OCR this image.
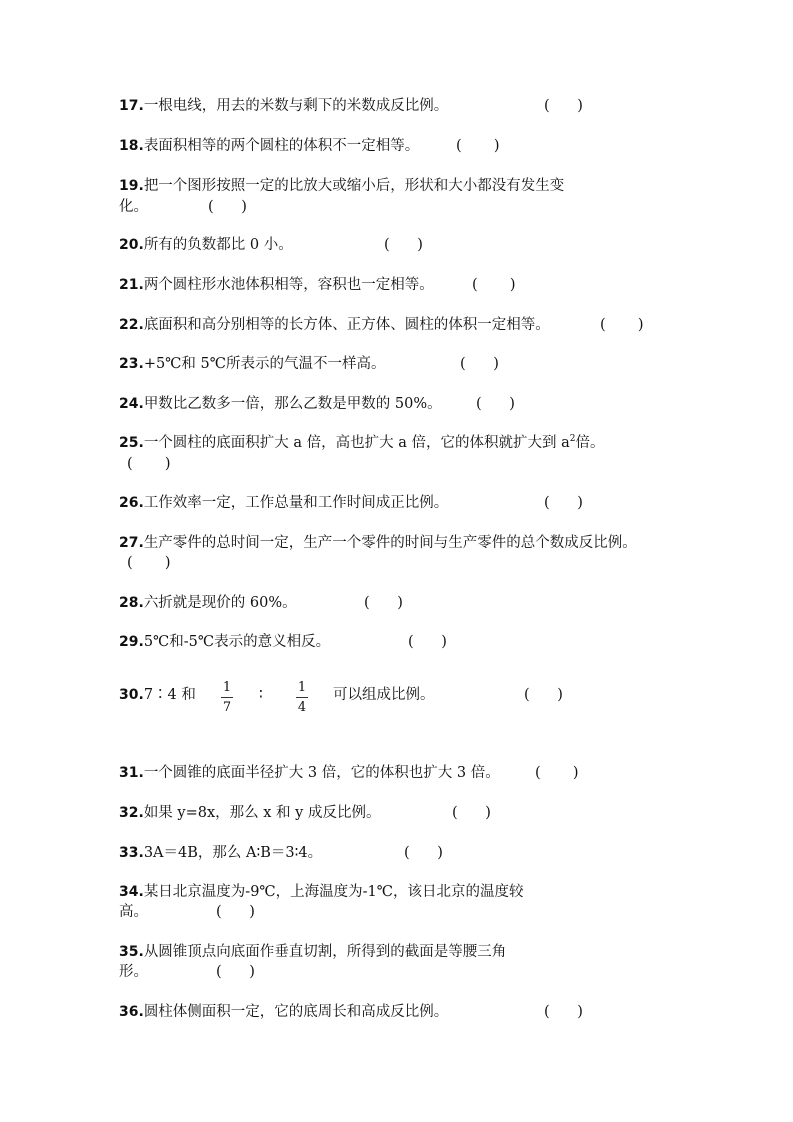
17.一根电线，用去的米数与剩下的米数成反比例。	(      )
18.表面积相等的两个圆柱的体积不一定相等。	(       )
19.把一个图形按照一定的比放大或缩小后，形状和大小都没有发生变
化。	(      )
20.所有的负数都比 0 小。	(      )
21.两个圆柱形水池体积相等，容积也一定相等。	(       )
22.底面积和高分别相等的长方体、正方体、圆柱的体积一定相等。	(       )
23.+5℃和 5℃所表示的气温不一样高。	(      )
24.甲数比乙数多一倍，那么乙数是甲数的 50%。 (      )
25.一个圆柱的底面积扩大 a 倍，高也扩大 a 倍，它的体积就扩大到 $a^2$倍。
(       )
26.工作效率一定，工作总量和工作时间成正比例。	(      )
27.生产零件的总时间一定，生产一个零件的时间与生产零件的总个数成反比例。
(       )
28.六折就是现价的 60%。	(      )
29.5℃和-5℃表示的意义相反。	(      )
30.7∶4 和 1
7
∶	1
4
可以组成比例。	(      )
31.一个圆锥的底面半径扩大 3 倍，它的体积也扩大 3 倍。 (       )
32.如果 y=8x，那么 x 和 y 成反比例。	(      )
33.3A＝4B，那么 A∶B＝3∶4。	(      )
34.某日北京温度为-9℃，上海温度为-1℃，该日北京的温度较
高。	(      )
35.从圆锥顶点向底面作垂直切割，所得到的截面是等腰三角
形。	(      )
36.圆柱体侧面积一定，它的底周长和高成反比例。	(      )
